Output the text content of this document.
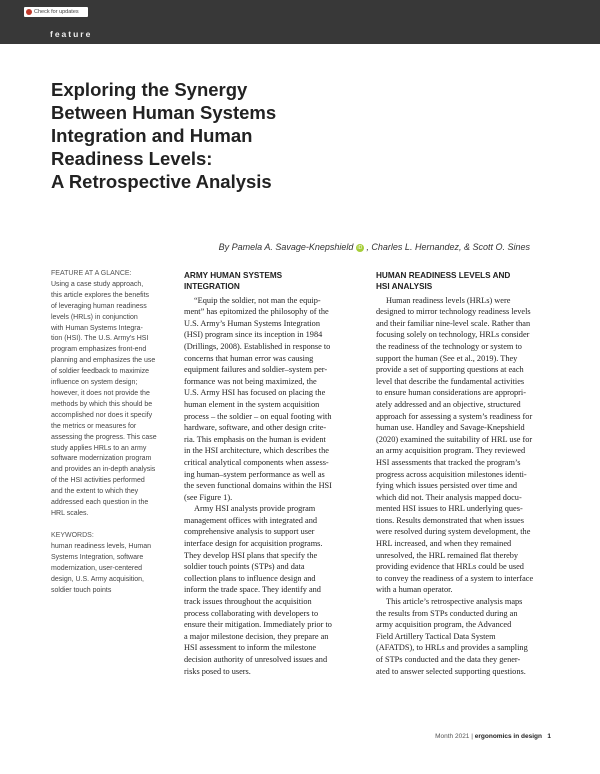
Check for updates
feature
Exploring the Synergy
Between Human Systems
Integration and Human
Readiness Levels:
A Retrospective Analysis
By Pamela A. Savage-Knepshield iD , Charles L. Hernandez, & Scott O. Sines
FEATURE AT A GLANCE:
Using a case study approach,
this article explores the benefits
of leveraging human readiness
levels (HRLs) in conjunction
with Human Systems Integra-
tion (HSI). The U.S. Army’s HSI
program emphasizes front-end
planning and emphasizes the use
of soldier feedback to maximize
influence on system design;
however, it does not provide the
methods by which this should be
accomplished nor does it specify
the metrics or measures for
assessing the progress. This case
study applies HRLs to an army
software modernization program
and provides an in-depth analysis
of the HSI activities performed
and the extent to which they
addressed each question in the
HRL scales.
KEYWORDS:
human readiness levels, Human
Systems Integration, software
modernization, user-centered
design, U.S. Army acquisition,
soldier touch points
ARMY HUMAN SYSTEMS
INTEGRATION

“Equip the soldier, not man the equip-
ment” has epitomized the philosophy of the
U.S. Army’s Human Systems Integration
(HSI) program since its inception in 1984
(Drillings, 2008). Established in response to
concerns that human error was causing
equipment failures and soldier–system per-
formance was not being maximized, the
U.S. Army HSI has focused on placing the
human element in the system acquisition
process – the soldier – on equal footing with
hardware, software, and other design crite-
ria. This emphasis on the human is evident
in the HSI architecture, which describes the
critical analytical components when assess-
ing human–system performance as well as
the seven functional domains within the HSI
(see Figure 1).

Army HSI analysts provide program
management offices with integrated and
comprehensive analysis to support user
interface design for acquisition programs.
They develop HSI plans that specify the
soldier touch points (STPs) and data
collection plans to influence design and
inform the trade space. They identify and
track issues throughout the acquisition
process collaborating with developers to
ensure their mitigation. Immediately prior to
a major milestone decision, they prepare an
HSI assessment to inform the milestone
decision authority of unresolved issues and
risks posed to users.

HUMAN READINESS LEVELS AND
HSI ANALYSIS

Human readiness levels (HRLs) were
designed to mirror technology readiness levels
and their familiar nine-level scale. Rather than
focusing solely on technology, HRLs consider
the readiness of the technology or system to
support the human (See et al., 2019). They
provide a set of supporting questions at each
level that describe the fundamental activities
to ensure human considerations are appropri-
ately addressed and an objective, structured
approach for assessing a system’s readiness for
human use. Handley and Savage-Knepshield
(2020) examined the suitability of HRL use for
an army acquisition program. They reviewed
HSI assessments that tracked the program’s
progress across acquisition milestones identi-
fying which issues persisted over time and
which did not. Their analysis mapped docu-
mented HSI issues to HRL underlying ques-
tions. Results demonstrated that when issues
were resolved during system development, the
HRL increased, and when they remained
unresolved, the HRL remained flat thereby
providing evidence that HRLs could be used
to convey the readiness of a system to interface
with a human operator.

This article’s retrospective analysis maps
the results from STPs conducted during an
army acquisition program, the Advanced
Field Artillery Tactical Data System
(AFATDS), to HRLs and provides a sampling
of STPs conducted and the data they gener-
ated to answer selected supporting questions.

Month 2021 | ergonomics in design 1
